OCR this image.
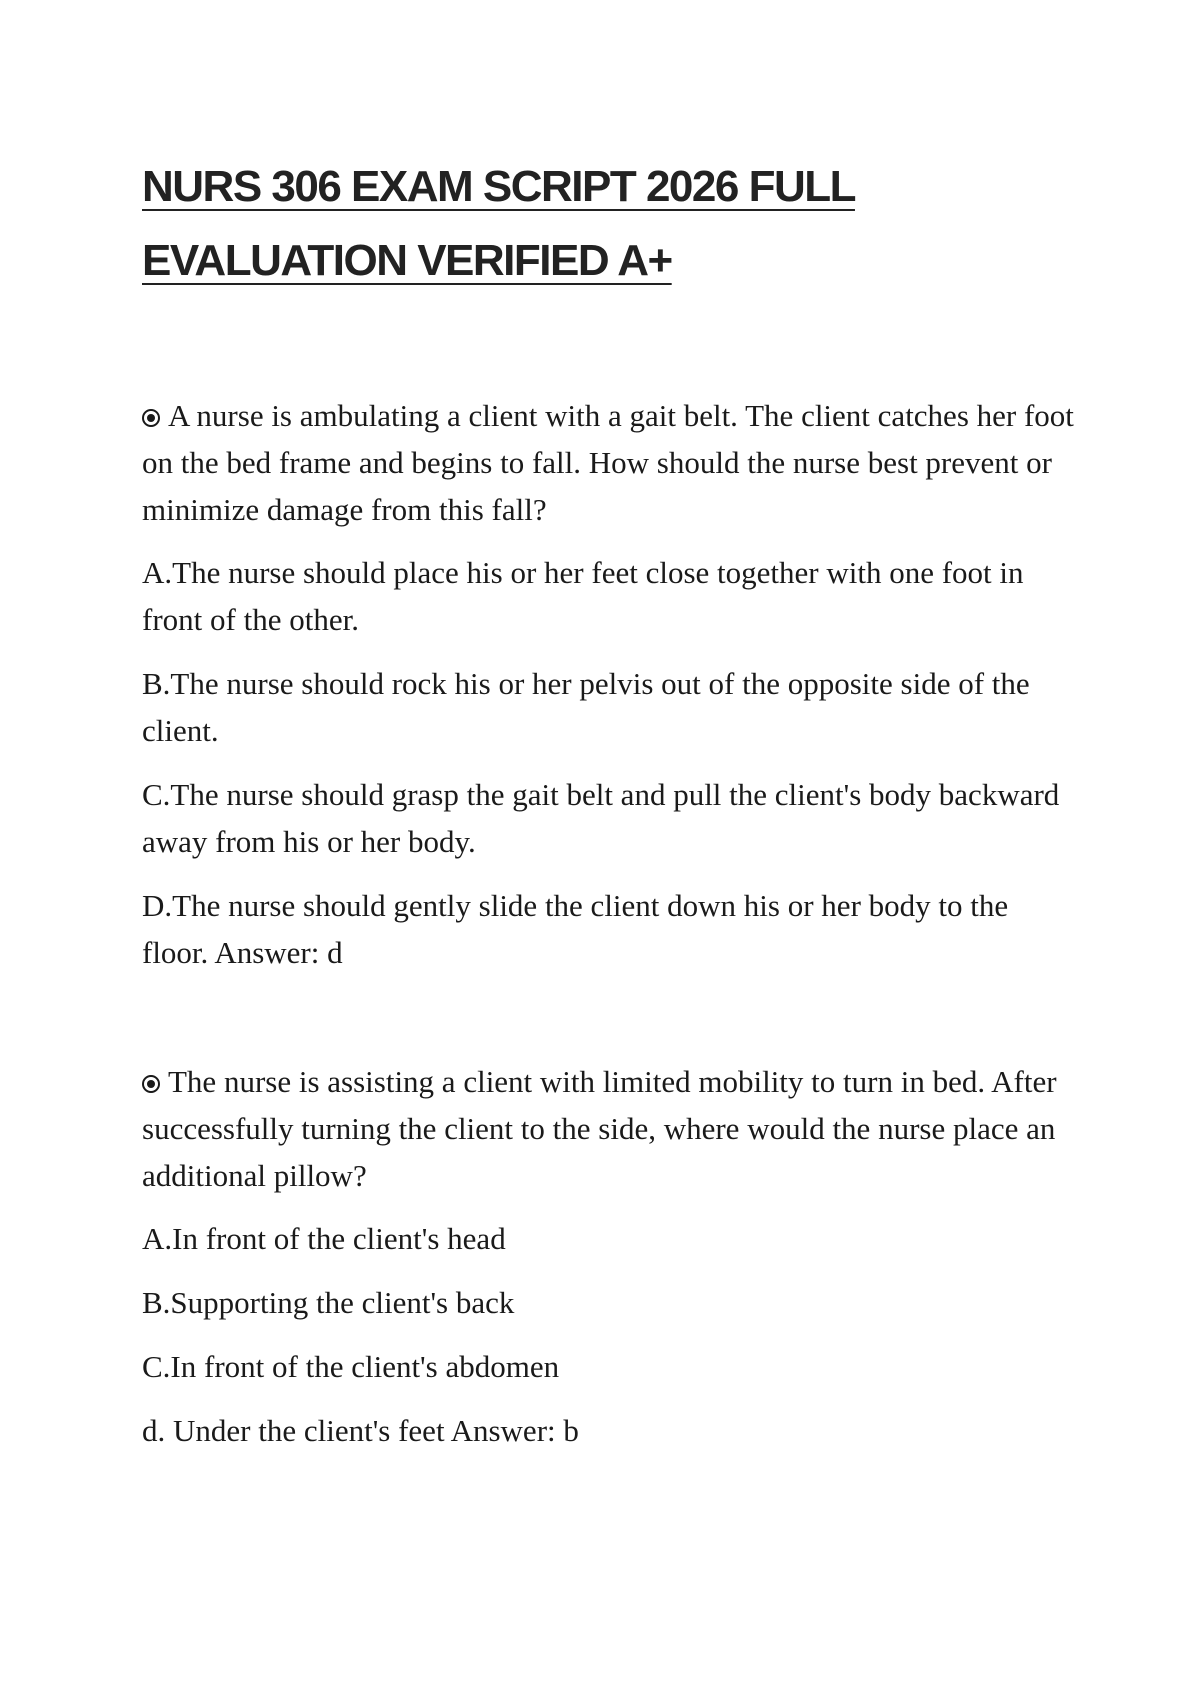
NURS 306 EXAM SCRIPT 2026 FULL
EVALUATION VERIFIED A+

A nurse is ambulating a client with a gait belt. The client catches her foot on the bed frame and begins to fall. How should the nurse best prevent or minimize damage from this fall?

A.The nurse should place his or her feet close together with one foot in front of the other.

B.The nurse should rock his or her pelvis out of the opposite side of the client.

C.The nurse should grasp the gait belt and pull the client's body backward away from his or her body.

D.The nurse should gently slide the client down his or her body to the floor. Answer: d

The nurse is assisting a client with limited mobility to turn in bed. After successfully turning the client to the side, where would the nurse place an additional pillow?

A.In front of the client's head

B.Supporting the client's back

C.In front of the client's abdomen

d. Under the client's feet Answer: b
